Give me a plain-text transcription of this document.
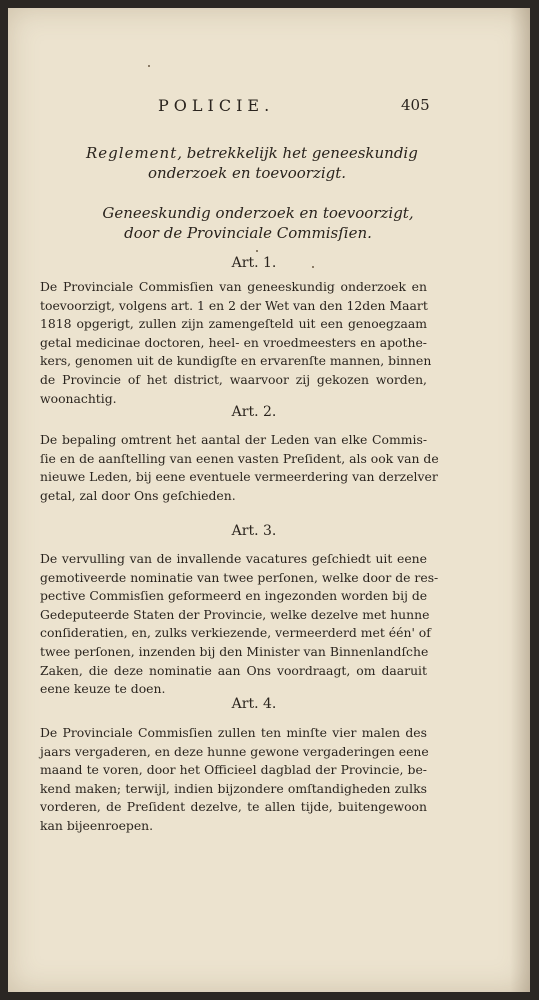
POLICIE.	405
Reglement, betrekkelijk het geneeskundig
onderzoek en toevoorzigt.
Geneeskundig onderzoek en toevoorzigt,
door de Provinciale Commisſien.
Art. 1.
De Provinciale Commisſien van geneeskundig onderzoek en
toevoorzigt, volgens art. 1 en 2 der Wet van den 12den Maart
1818 opgerigt, zullen zijn zamengeſteld uit een genoegzaam
getal medicinae doctoren, heel- en vroedmeesters en apothe-
kers, genomen uit de kundigſte en ervarenſte mannen, binnen
de Provincie of het district, waarvoor zij gekozen worden,
woonachtig.
Art. 2.
De bepaling omtrent het aantal der Leden van elke Commis-
ſie en de aanſtelling van eenen vasten Preſident, als ook van de
nieuwe Leden, bij eene eventuele vermeerdering van derzelver
getal, zal door Ons geſchieden.
Art. 3.
De vervulling van de invallende vacatures geſchiedt uit eene
gemotiveerde nominatie van twee perſonen, welke door de res-
pective Commisſien geformeerd en ingezonden worden bij de
Gedeputeerde Staten der Provincie, welke dezelve met hunne
conſideratien, en, zulks verkiezende, vermeerderd met één' of
twee perſonen, inzenden bij den Minister van Binnenlandſche
Zaken, die deze nominatie aan Ons voordraagt, om daaruit
eene keuze te doen.
Art. 4.
De Provinciale Commisſien zullen ten minſte vier malen des
jaars vergaderen, en deze hunne gewone vergaderingen eene
maand te voren, door het Officieel dagblad der Provincie, be-
kend maken; terwijl, indien bijzondere omſtandigheden zulks
vorderen, de Preſident dezelve, te allen tijde, buitengewoon
kan bijeenroepen.
